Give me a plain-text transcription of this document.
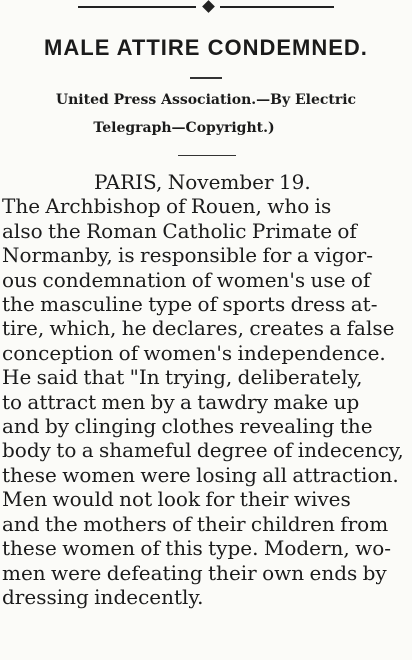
MALE ATTIRE CONDEMNED.

United Press Association.—By Electric

Telegraph—Copyright.)

PARIS, November 19.
The Archbishop of Rouen, who is
also the Roman Catholic Primate of
Normanby, is responsible for a vigor-
ous condemnation of women's use of
the masculine type of sports dress at-
tire, which, he declares, creates a false
conception of women's independence.
He said that "In trying, deliberately,
to attract men by a tawdry make up
and by clinging clothes revealing the
body to a shameful degree of indecency,
these women were losing all attraction.
Men would not look for their wives
and the mothers of their children from
these women of this type. Modern, wo-
men were defeating their own ends by
dressing indecently.
